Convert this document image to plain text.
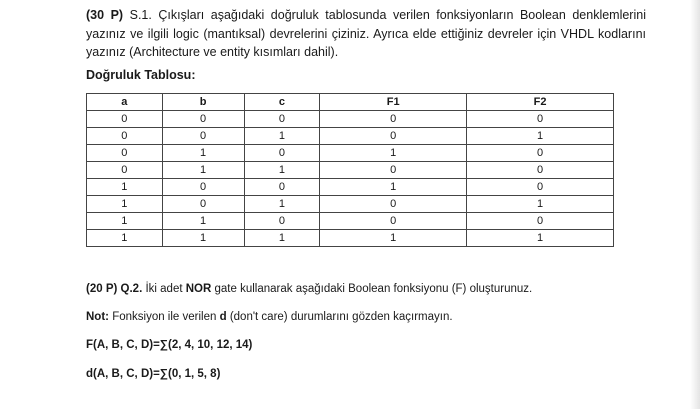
(30 P) S.1. Çıkışları aşağıdaki doğruluk tablosunda verilen fonksiyonların Boolean denklemlerini yazınız ve ilgili logic (mantıksal) devrelerini çiziniz. Ayrıca elde ettiğiniz devreler için VHDL kodlarını yazınız (Architecture ve entity kısımları dahil).
Doğruluk Tablosu:
a	b	c	F1	F2
0	0	0	0	0
0	0	1	0	1
0	1	0	1	0
0	1	1	0	0
1	0	0	1	0
1	0	1	0	1
1	1	0	0	0
1	1	1	1	1
(20 P) Q.2. İki adet NOR gate kullanarak aşağıdaki Boolean fonksiyonu (F) oluşturunuz.
Not: Fonksiyon ile verilen d (don't care) durumlarını gözden kaçırmayın.
F(A, B, C, D)=∑(2, 4, 10, 12, 14)
d(A, B, C, D)=∑(0, 1, 5, 8)
